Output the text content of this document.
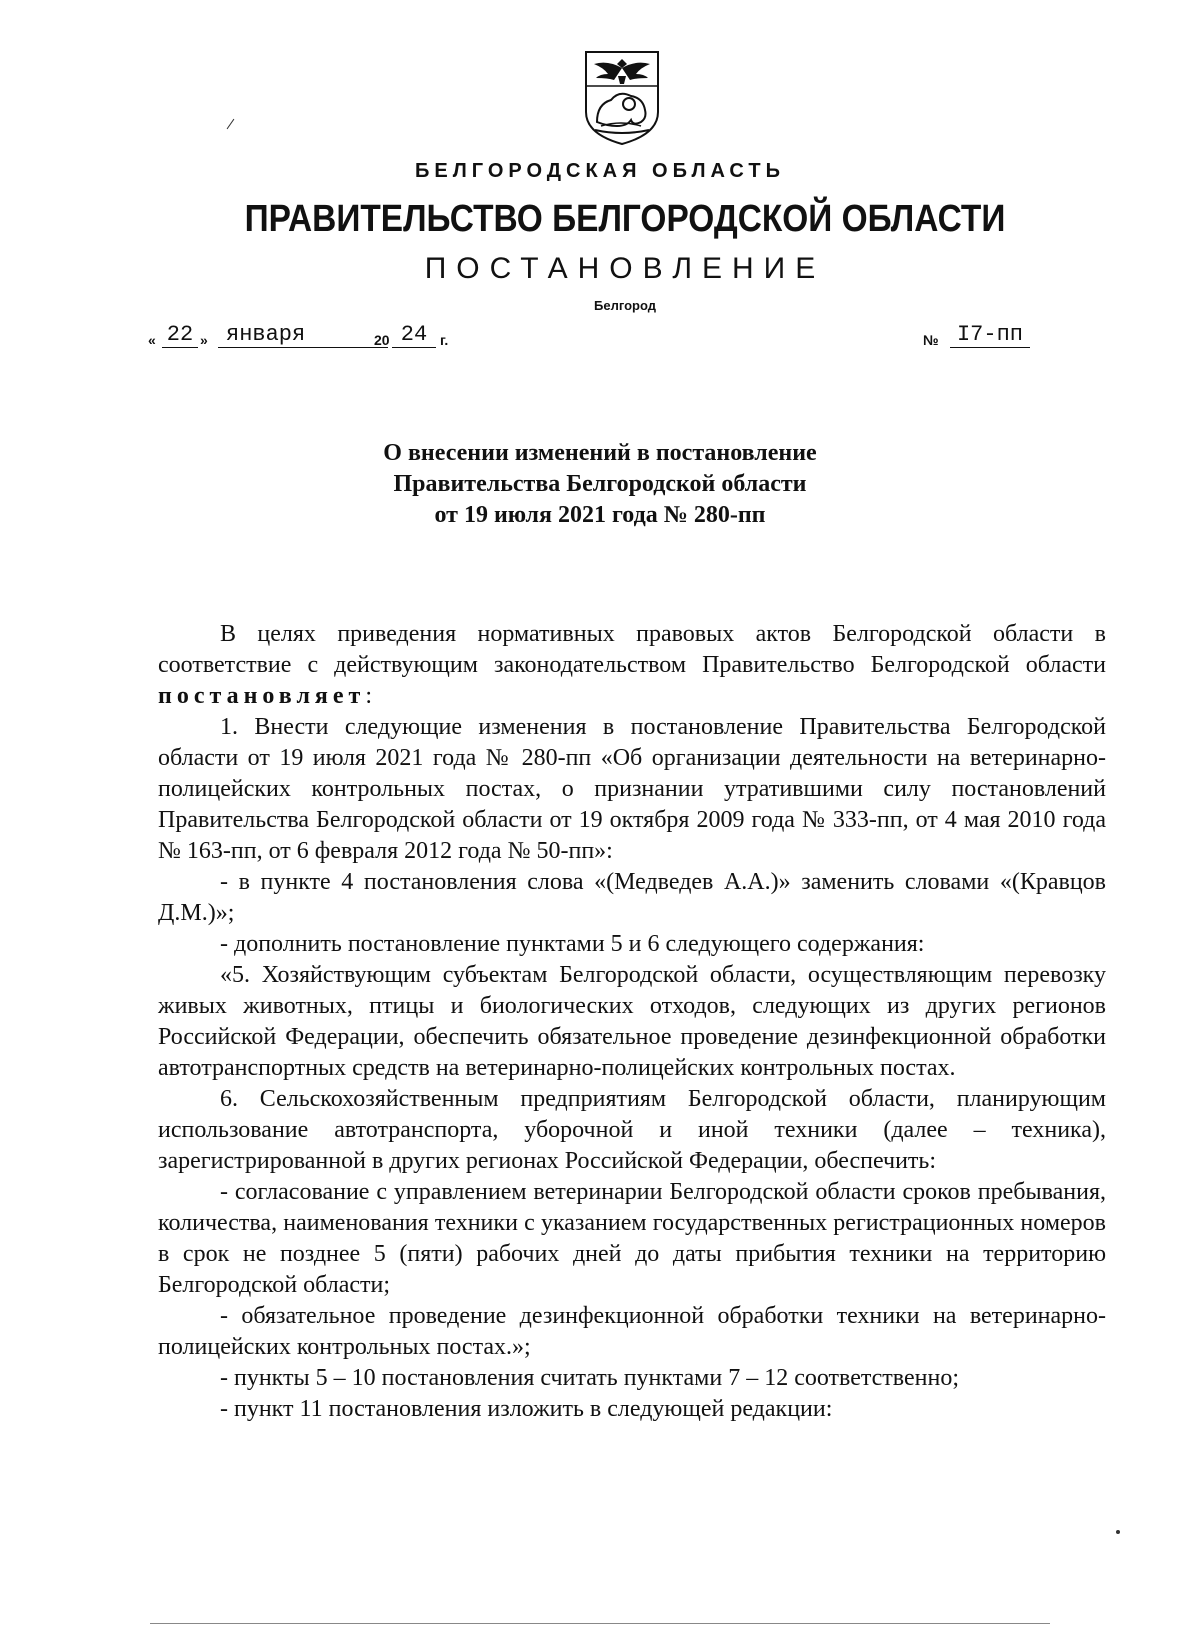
БЕЛГОРОДСКАЯ ОБЛАСТЬ
ПРАВИТЕЛЬСТВО БЕЛГОРОДСКОЙ ОБЛАСТИ
ПОСТАНОВЛЕНИЕ
Белгород
« 22 » января	20 24 г.	№ I7-пп
О внесении изменений в постановление
Правительства Белгородской области
от 19 июля 2021 года № 280-пп

В целях приведения нормативных правовых актов Белгородской области в соответствие с действующим законодательством Правительство Белгородской области постановляет:

1. Внести следующие изменения в постановление Правительства Белгородской области от 19 июля 2021 года № 280-пп «Об организации деятельности на ветеринарно-полицейских контрольных постах, о признании утратившими силу постановлений Правительства Белгородской области от 19 октября 2009 года № 333-пп, от 4 мая 2010 года № 163-пп, от 6 февраля 2012 года № 50-пп»:

- в пункте 4 постановления слова «(Медведев А.А.)» заменить словами «(Кравцов Д.М.)»;

- дополнить постановление пунктами 5 и 6 следующего содержания:

«5. Хозяйствующим субъектам Белгородской области, осуществляющим перевозку живых животных, птицы и биологических отходов, следующих из других регионов Российской Федерации, обеспечить обязательное проведение дезинфекционной обработки автотранспортных средств на ветеринарно-полицейских контрольных постах.

6. Сельскохозяйственным предприятиям Белгородской области, планирующим использование автотранспорта, уборочной и иной техники (далее – техника), зарегистрированной в других регионах Российской Федерации, обеспечить:

- согласование с управлением ветеринарии Белгородской области сроков пребывания, количества, наименования техники с указанием государственных регистрационных номеров в срок не позднее 5 (пяти) рабочих дней до даты прибытия техники на территорию Белгородской области;

- обязательное проведение дезинфекционной обработки техники на ветеринарно-полицейских контрольных постах.»;

- пункты 5 – 10 постановления считать пунктами 7 – 12 соответственно;

- пункт 11 постановления изложить в следующей редакции:
